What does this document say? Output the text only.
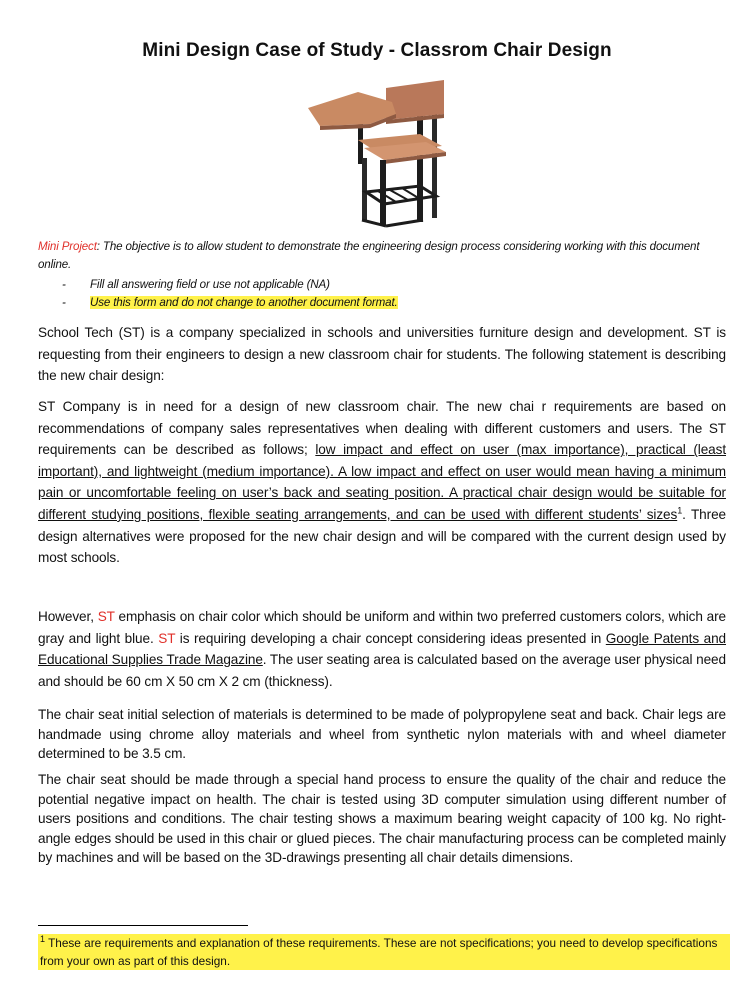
Mini Design Case of Study - Classrom Chair Design
Mini Project: The objective is to allow student to demonstrate the engineering design process considering working with this document online.
- Fill all answering field or use not applicable (NA)
- Use this form and do not change to another document format.
School Tech (ST) is a company specialized in schools and universities furniture design and development. ST is requesting from their engineers to design a new classroom chair for students. The following statement is describing the new chair design:
ST Company is in need for a design of new classroom chair. The new chai r requirements are based on recommendations of company sales representatives when dealing with different customers and users. The ST requirements can be described as follows; low impact and effect on user (max importance), practical (least important), and lightweight (medium importance). A low impact and effect on user would mean having a minimum pain or uncomfortable feeling on user’s back and seating position. A practical chair design would be suitable for different studying positions, flexible seating arrangements, and can be used with different students’ sizes$^1$. Three design alternatives were proposed for the new chair design and will be compared with the current design used by most schools.
However, ST emphasis on chair color which should be uniform and within two preferred customers colors, which are gray and light blue. ST is requiring developing a chair concept considering ideas presented in Google Patents and Educational Supplies Trade Magazine. The user seating area is calculated based on the average user physical need and should be 60 cm X 50 cm X 2 cm (thickness).
The chair seat initial selection of materials is determined to be made of polypropylene seat and back. Chair legs are handmade using chrome alloy materials and wheel from synthetic nylon materials with and wheel diameter determined to be 3.5 cm.
The chair seat should be made through a special hand process to ensure the quality of the chair and reduce the potential negative impact on health. The chair is tested using 3D computer simulation using different number of users positions and conditions. The chair testing shows a maximum bearing weight capacity of 100 kg. No right-angle edges should be used in this chair or glued pieces. The chair manufacturing process can be completed mainly by machines and will be based on the 3D-drawings presenting all chair details dimensions.
$^1$ These are requirements and explanation of these requirements. These are not specifications; you need to develop specifications from your own as part of this design.
